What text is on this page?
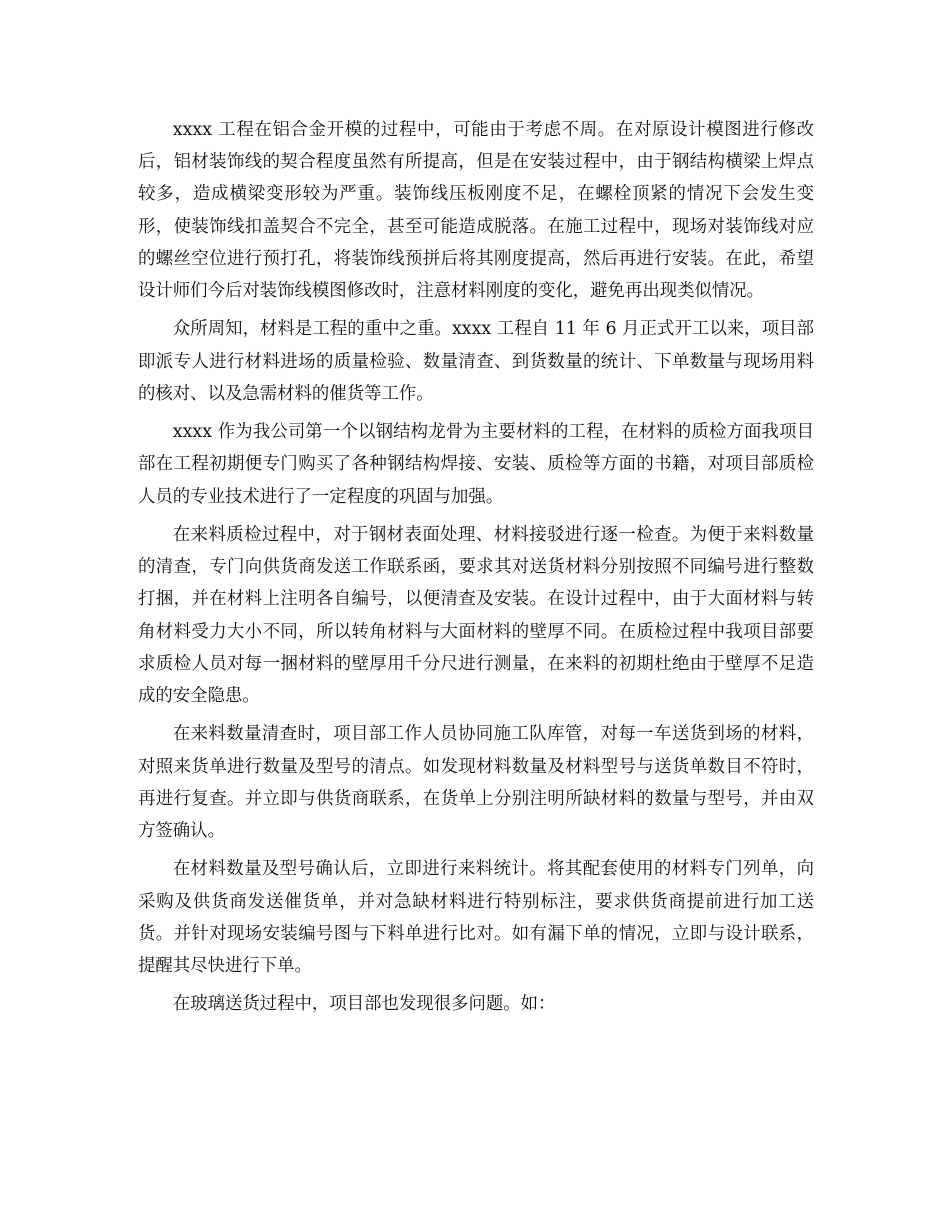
xxxx 工程在铝合金开模的过程中，可能由于考虑不周。在对原设计模图进行修改后，铝材装饰线的契合程度虽然有所提高，但是在安装过程中，由于钢结构横梁上焊点较多，造成横梁变形较为严重。装饰线压板刚度不足，在螺栓顶紧的情况下会发生变形，使装饰线扣盖契合不完全，甚至可能造成脱落。在施工过程中，现场对装饰线对应的螺丝空位进行预打孔，将装饰线预拼后将其刚度提高，然后再进行安装。在此，希望设计师们今后对装饰线模图修改时，注意材料刚度的变化，避免再出现类似情况。

众所周知，材料是工程的重中之重。xxxx 工程自 11 年 6 月正式开工以来，项目部即派专人进行材料进场的质量检验、数量清查、到货数量的统计、下单数量与现场用料的核对、以及急需材料的催货等工作。

xxxx 作为我公司第一个以钢结构龙骨为主要材料的工程，在材料的质检方面我项目部在工程初期便专门购买了各种钢结构焊接、安装、质检等方面的书籍，对项目部质检人员的专业技术进行了一定程度的巩固与加强。

在来料质检过程中，对于钢材表面处理、材料接驳进行逐一检查。为便于来料数量的清查，专门向供货商发送工作联系函，要求其对送货材料分别按照不同编号进行整数打捆，并在材料上注明各自编号，以便清查及安装。在设计过程中，由于大面材料与转角材料受力大小不同，所以转角材料与大面材料的壁厚不同。在质检过程中我项目部要求质检人员对每一捆材料的壁厚用千分尺进行测量，在来料的初期杜绝由于壁厚不足造成的安全隐患。

在来料数量清查时，项目部工作人员协同施工队库管，对每一车送货到场的材料，对照来货单进行数量及型号的清点。如发现材料数量及材料型号与送货单数目不符时，再进行复查。并立即与供货商联系，在货单上分别注明所缺材料的数量与型号，并由双方签确认。

在材料数量及型号确认后，立即进行来料统计。将其配套使用的材料专门列单，向采购及供货商发送催货单，并对急缺材料进行特别标注，要求供货商提前进行加工送货。并针对现场安装编号图与下料单进行比对。如有漏下单的情况，立即与设计联系，提醒其尽快进行下单。

在玻璃送货过程中，项目部也发现很多问题。如：
